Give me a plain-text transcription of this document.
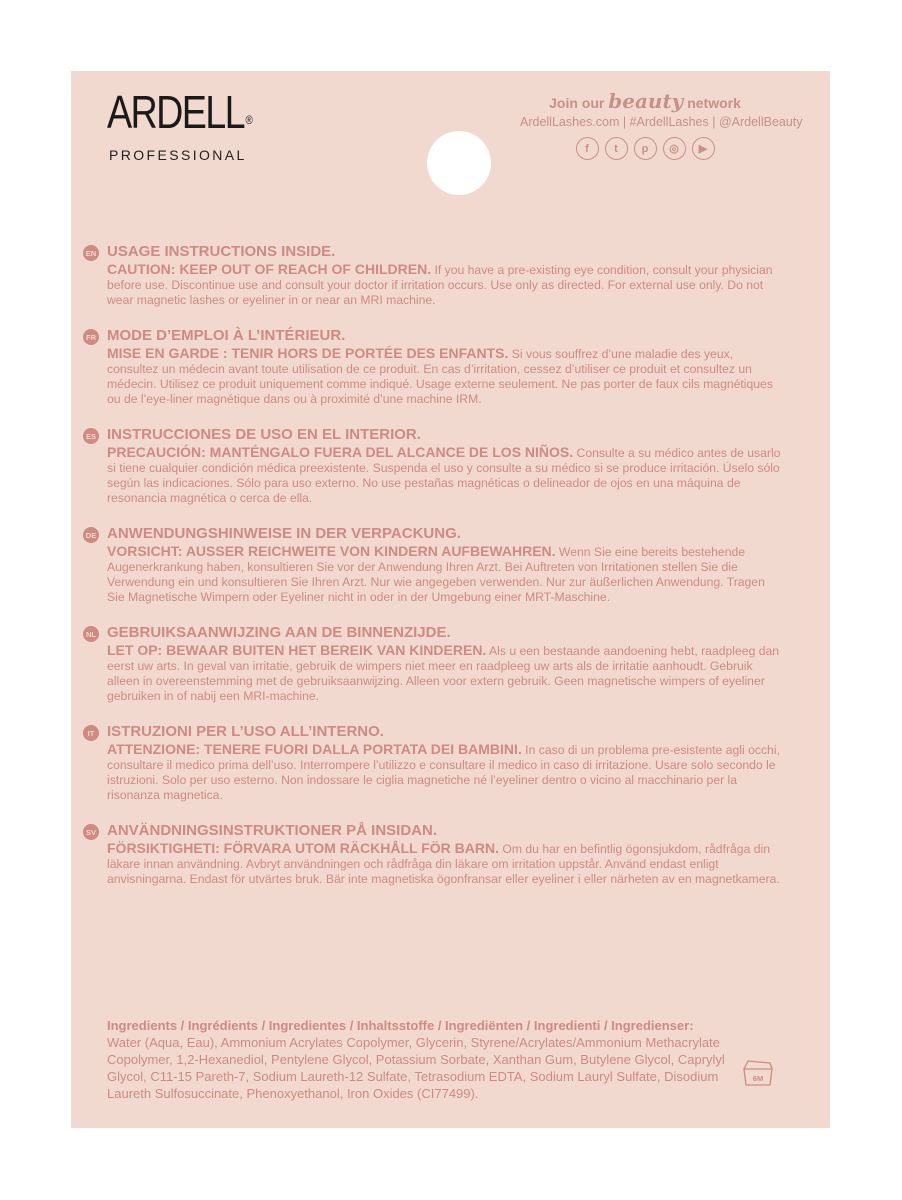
ARDELL ®
PROFESSIONAL
Join our beauty network
ArdellLashes.com | #ArdellLashes | @ArdellBeauty
f	t	p	◎	▶
EN USAGE INSTRUCTIONS INSIDE.
CAUTION: KEEP OUT OF REACH OF CHILDREN. If you have a pre-existing eye condition, consult your physician before use. Discontinue use and consult your doctor if irritation occurs. Use only as directed. For external use only. Do not wear magnetic lashes or eyeliner in or near an MRI machine.
FR MODE D’EMPLOI À L’INTÉRIEUR.
MISE EN GARDE : TENIR HORS DE PORTÉE DES ENFANTS. Si vous souffrez d’une maladie des yeux, consultez un médecin avant toute utilisation de ce produit. En cas d’irritation, cessez d’utiliser ce produit et consultez un médecin. Utilisez ce produit uniquement comme indiqué. Usage externe seulement. Ne pas porter de faux cils magnétiques ou de l’eye-liner magnétique dans ou à proximité d’une machine IRM.
ES INSTRUCCIONES DE USO EN EL INTERIOR.
PRECAUCIÓN: MANTÉNGALO FUERA DEL ALCANCE DE LOS NIÑOS. Consulte a su médico antes de usarlo si tiene cualquier condición médica preexistente. Suspenda el uso y consulte a su médico si se produce irritación. Úselo sólo según las indicaciones. Sólo para uso externo. No use pestañas magnéticas o delineador de ojos en una máquina de resonancia magnética o cerca de ella.
DE ANWENDUNGSHINWEISE IN DER VERPACKUNG.
VORSICHT: AUSSER REICHWEITE VON KINDERN AUFBEWAHREN. Wenn Sie eine bereits bestehende Augenerkrankung haben, konsultieren Sie vor der Anwendung Ihren Arzt. Bei Auftreten von Irritationen stellen Sie die Verwendung ein und konsultieren Sie Ihren Arzt. Nur wie angegeben verwenden. Nur zur äußerlichen Anwendung. Tragen Sie Magnetische Wimpern oder Eyeliner nicht in oder in der Umgebung einer MRT-Maschine.
NL GEBRUIKSAANWIJZING AAN DE BINNENZIJDE.
LET OP: BEWAAR BUITEN HET BEREIK VAN KINDEREN. Als u een bestaande aandoening hebt, raadpleeg dan eerst uw arts. In geval van irritatie, gebruik de wimpers niet meer en raadpleeg uw arts als de irritatie aanhoudt. Gebruik alleen in overeenstemming met de gebruiksaanwijzing. Alleen voor extern gebruik. Geen magnetische wimpers of eyeliner gebruiken in of nabij een MRI-machine.
IT ISTRUZIONI PER L’USO ALL’INTERNO.
ATTENZIONE: TENERE FUORI DALLA PORTATA DEI BAMBINI. In caso di un problema pre-esistente agli occhi, consultare il medico prima dell’uso. Interrompere l’utilizzo e consultare il medico in caso di irritazione. Usare solo secondo le istruzioni. Solo per uso esterno. Non indossare le ciglia magnetiche né l’eyeliner dentro o vicino al macchinario per la risonanza magnetica.
SV ANVÄNDNINGSINSTRUKTIONER PÅ INSIDAN.
FÖRSIKTIGHETI: FÖRVARA UTOM RÄCKHÅLL FÖR BARN. Om du har en befintlig ögonsjukdom, rådfråga din läkare innan användning. Avbryt användningen och rådfråga din läkare om irritation uppstår. Använd endast enligt anvisningarna. Endast för utvärtes bruk. Bär inte magnetiska ögonfransar eller eyeliner i eller närheten av en magnetkamera.
Ingredients / Ingrédients / Ingredientes / Inhaltsstoffe / Ingrediënten / Ingredienti / Ingredienser:
Water (Aqua, Eau), Ammonium Acrylates Copolymer, Glycerin, Styrene/Acrylates/Ammonium Methacrylate Copolymer, 1,2-Hexanediol, Pentylene Glycol, Potassium Sorbate, Xanthan Gum, Butylene Glycol, Caprylyl Glycol, C11-15 Pareth-7, Sodium Laureth-12 Sulfate, Tetrasodium EDTA, Sodium Lauryl Sulfate, Disodium Laureth Sulfosuccinate, Phenoxyethanol, Iron Oxides (CI77499).
6M
